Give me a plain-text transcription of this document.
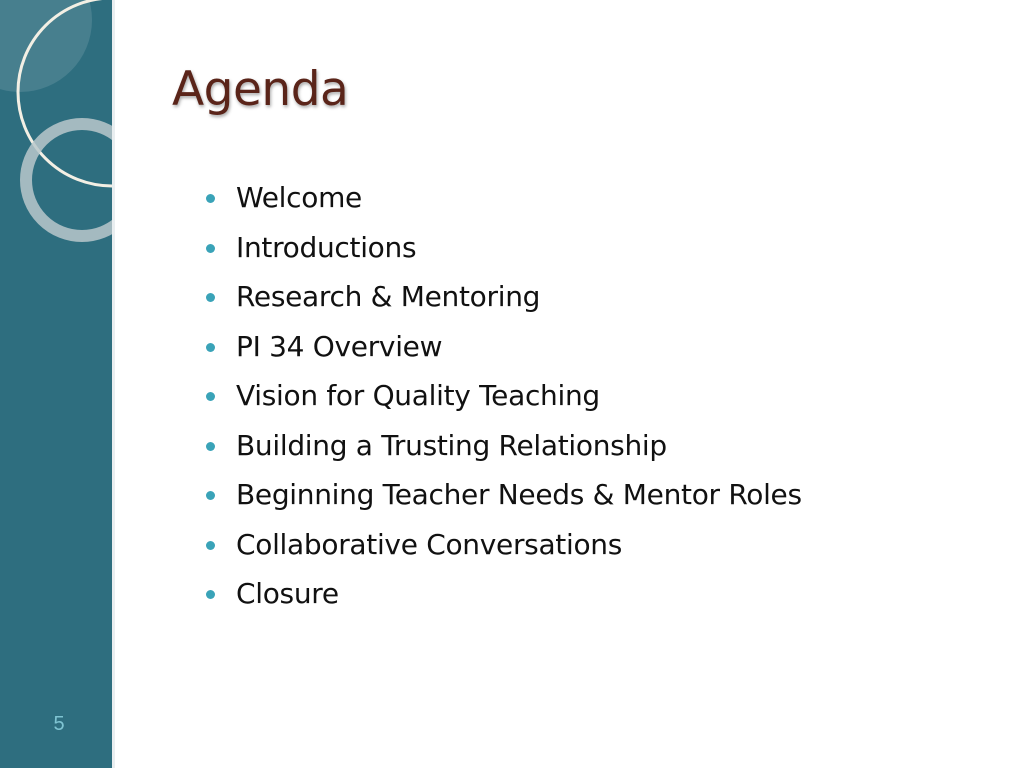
5
Agenda
Welcome
Introductions
Research & Mentoring
PI 34 Overview
Vision for Quality Teaching
Building a Trusting Relationship
Beginning Teacher Needs & Mentor Roles
Collaborative Conversations
Closure
